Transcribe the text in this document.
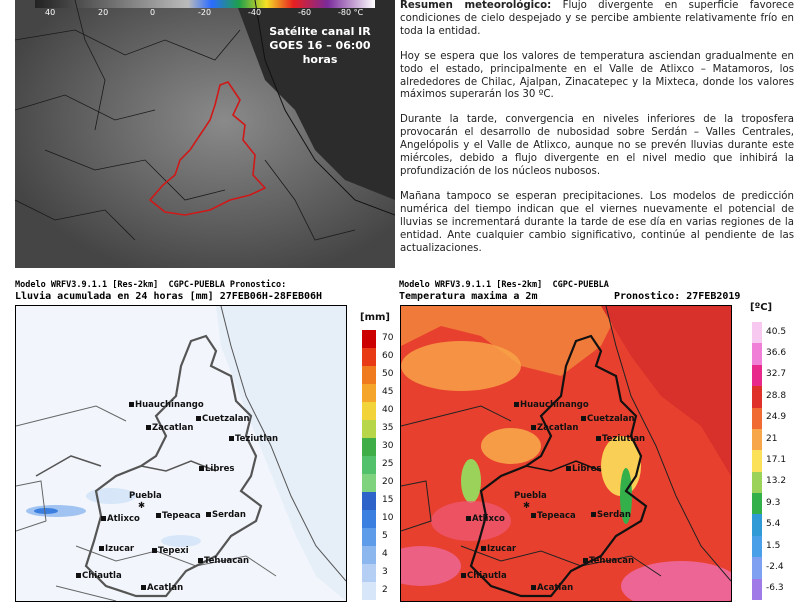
40	20	0	-20	-40	-60	-80 °C
Satélite canal IR
GOES 16 – 06:00 horas

Resumen meteorológico: Flujo divergente en superficie favorece condiciones de cielo despejado y se percibe ambiente relativamente frío en toda la entidad.

Hoy se espera que los valores de temperatura asciendan gradualmente en todo el estado, principalmente en el Valle de Atlixco – Matamoros, los alrededores de Chilac, Ajalpan, Zinacatepec y la Mixteca, donde los valores máximos superarán los 30 ºC.

Durante la tarde, convergencia en niveles inferiores de la troposfera provocarán el desarrollo de nubosidad sobre Serdán – Valles Centrales, Angelópolis y el Valle de Atlixco, aunque no se prevén lluvias durante este miércoles, debido a flujo divergente en el nivel medio que inhibirá la profundización de los núcleos nubosos.

Mañana tampoco se esperan precipitaciones. Los modelos de predicción numérica del tiempo indican que el viernes nuevamente el potencial de lluvias se incrementará durante la tarde de ese día en varias regiones de la entidad. Ante cualquier cambio significativo, continúe al pendiente de las actualizaciones.

Modelo WRFV3.9.1.1 [Res-2km]  CGPC-PUEBLA Pronostico:
Lluvia acumulada en 24 horas [mm] 27FEB06H-28FEB06H
Huauchinango
Cuetzalan
Zacatlan
Teziutlan
Libres
Puebla
✱
Atlixco	Tepeaca	Serdan
Izucar	Tepexi
Tehuacan
Chiautla
Acatlan
[mm]
70
60
50
45
40
35
30
25
20
15
10
5
4
3
2
Modelo WRFV3.9.1.1 [Res-2km]  CGPC-PUEBLA
Temperatura maxima a 2m	Pronostico: 27FEB2019
Huauchinango
Cuetzalan
Zacatlan
Teziutlan
Libres
Puebla
✱
Atlixco	Tepeaca	Serdan
Izucar
Tehuacan
Chiautla
Acatlan
[ºC]
40.5
36.6
32.7
28.8
24.9
21
17.1
13.2
9.3
5.4
1.5
-2.4
-6.3
